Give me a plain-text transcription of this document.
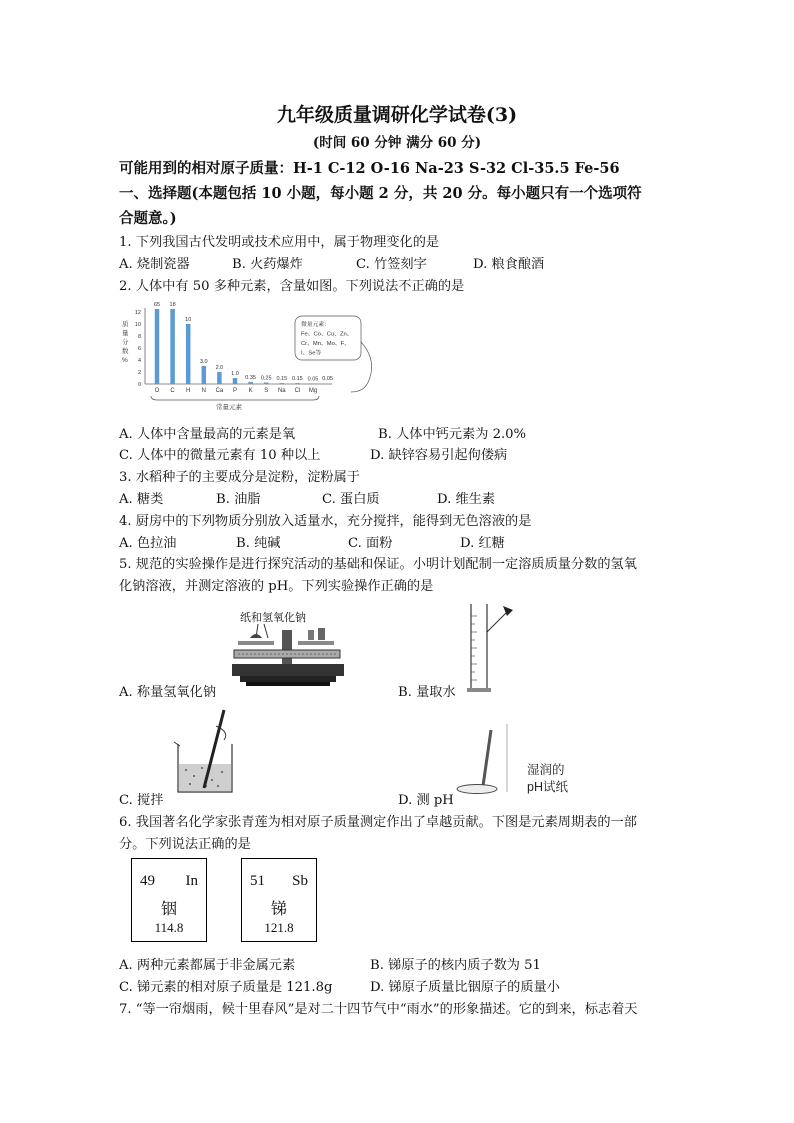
九年级质量调研化学试卷(3)
(时间 60 分钟 满分 60 分)
可能用到的相对原子质量：H-1 C-12 O-16 Na-23 S-32 Cl-35.5 Fe-56
一、选择题(本题包括 10 小题，每小题 2 分，共 20 分。每小题只有一个选项符
合题意。)
1. 下列我国古代发明或技术应用中，属于物理变化的是
A. 烧制瓷器	B. 火药爆炸	C. 竹签刻字	D. 粮食酿酒
2. 人体中有 50 多种元素，含量如图。下列说法不正确的是
质
量
分
数
%
12
10
8
6
4
2
0
65
O
18
C
10
H
3.0
N
2.0
Ca
1.0
P
0.35
K
0.25
S
0.15
Na
0.15
Cl
0.05
Mg
0.05
常量元素
微量元素：
Fe、Co、Cu、Zn、
Cr、Mn、Mo、F、
I、Se等
A. 人体中含量最高的元素是氧	B. 人体中钙元素为 2.0%
C. 人体中的微量元素有 10 种以上	D. 缺锌容易引起佝偻病
3. 水稻种子的主要成分是淀粉，淀粉属于
A. 糖类	B. 油脂	C. 蛋白质	D. 维生素
4. 厨房中的下列物质分别放入适量水，充分搅拌，能得到无色溶液的是
A. 色拉油	B. 纯碱	C. 面粉	D. 红糖
5. 规范的实验操作是进行探究活动的基础和保证。小明计划配制一定溶质质量分数的氢氧
化钠溶液，并测定溶液的 pH。下列实验操作正确的是
纸和氢氧化钠
A. 称量氢氧化钠	B. 量取水
C. 搅拌
湿润的
pH试纸
D. 测 pH
6. 我国著名化学家张青莲为相对原子质量测定作出了卓越贡献。下图是元素周期表的一部
分。下列说法正确的是
49 In
铟
114.8
51 Sb
锑
121.8
A. 两种元素都属于非金属元素	B. 锑原子的核内质子数为 51
C. 锑元素的相对原子质量是 121.8g	D. 锑原子质量比铟原子的质量小
7. “等一帘烟雨，候十里春风”是对二十四节气中“雨水”的形象描述。它的到来，标志着天
